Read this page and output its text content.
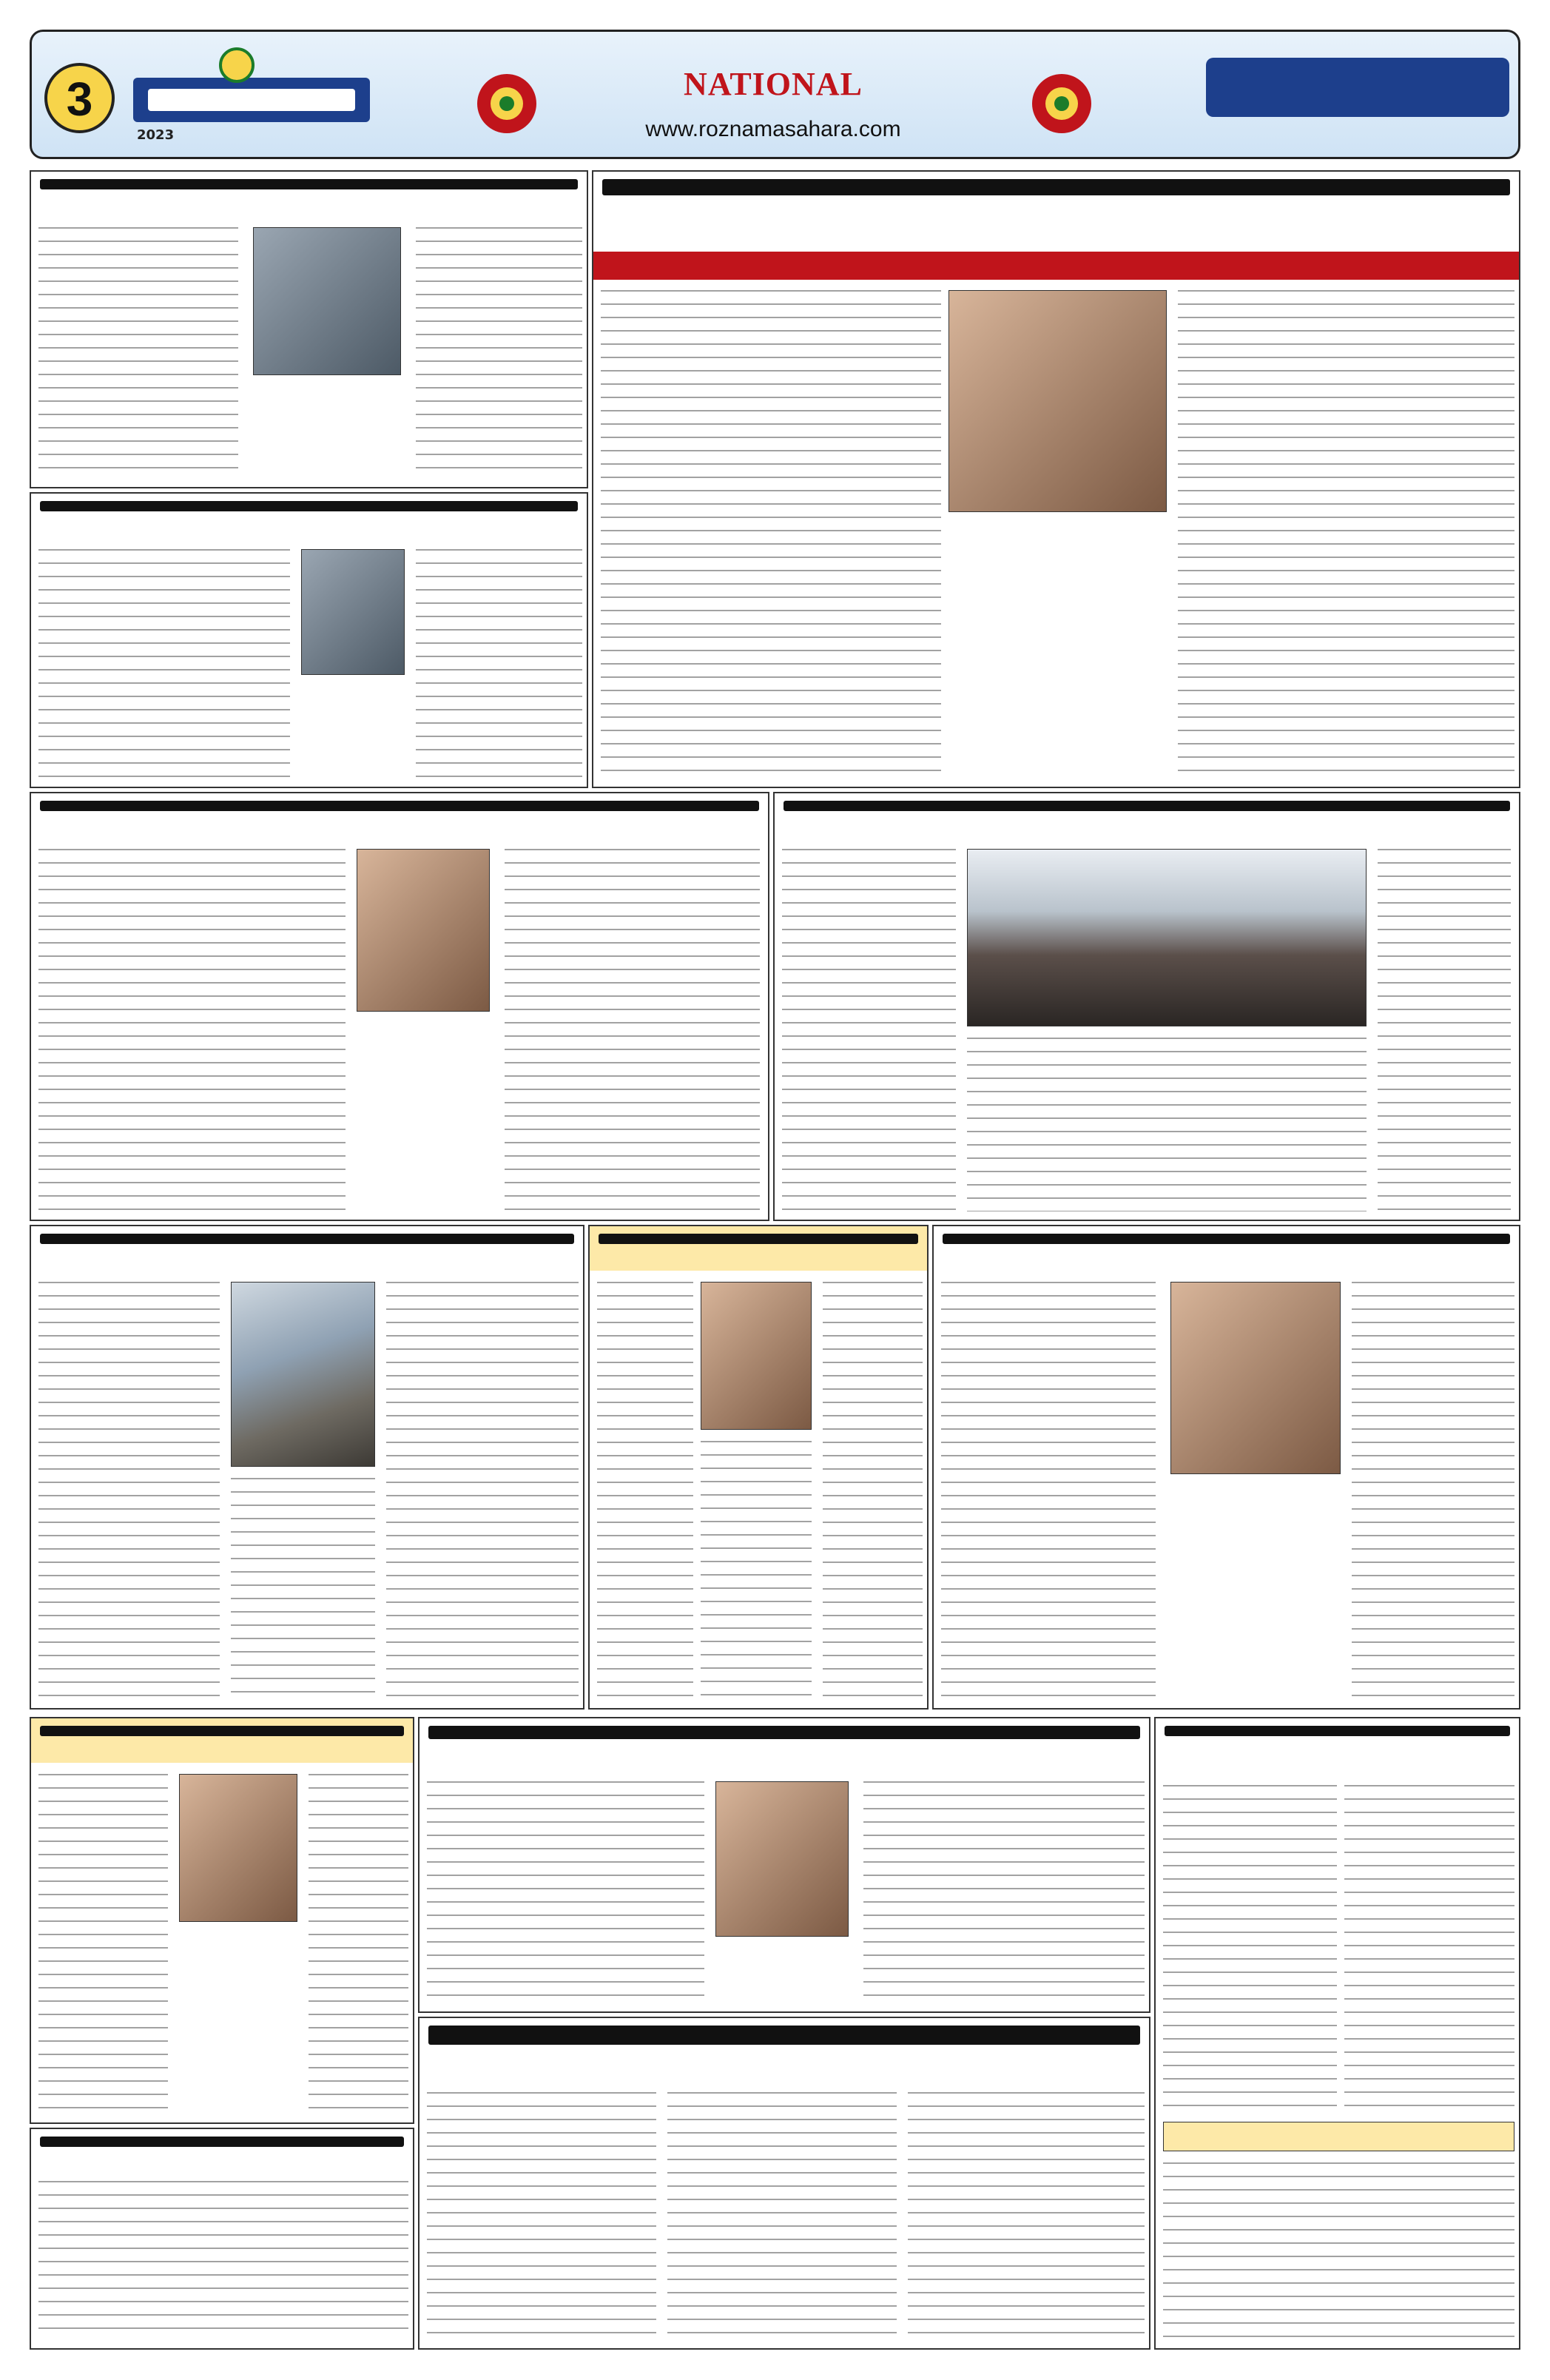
3
2023
NATIONAL
www.roznamasahara.com
